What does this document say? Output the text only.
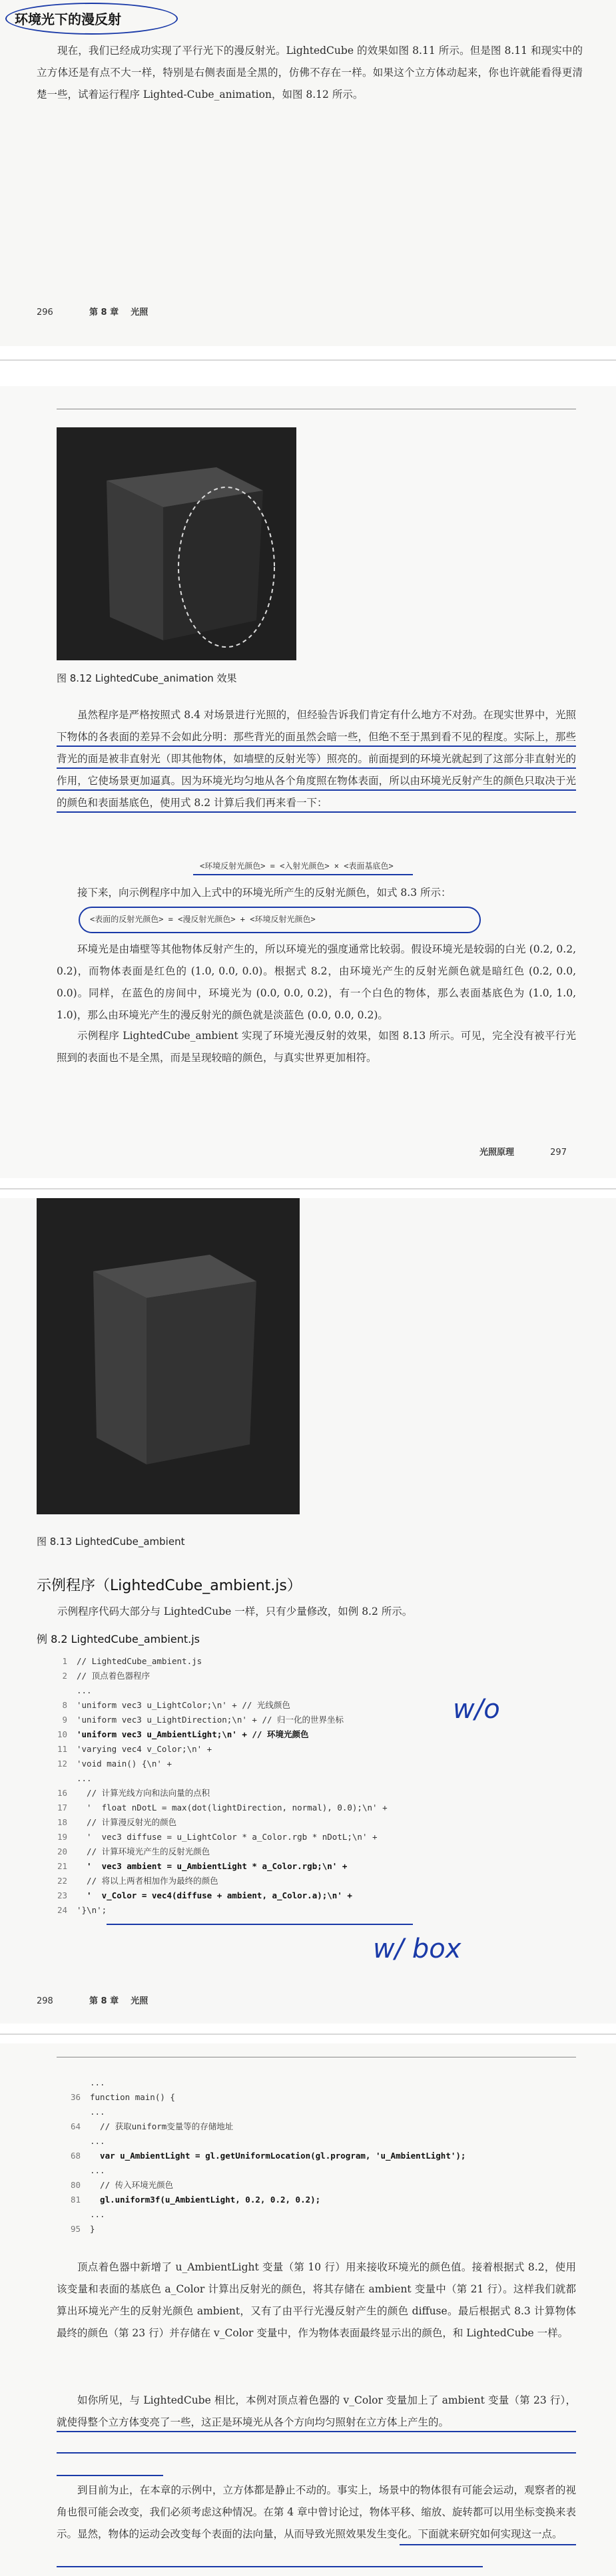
环境光下的漫反射
现在，我们已经成功实现了平行光下的漫反射光。LightedCube 的效果如图 8.11 所示。但是图 8.11 和现实中的立方体还是有点不大一样，特别是右侧表面是全黑的，仿佛不存在一样。如果这个立方体动起来，你也许就能看得更清楚一些，试着运行程序 Lighted-Cube_animation，如图 8.12 所示。
296	第 8 章 光照
图 8.12 LightedCube_animation 效果
虽然程序是严格按照式 8.4 对场景进行光照的，但经验告诉我们肯定有什么地方不对劲。在现实世界中，光照下物体的各表面的差异不会如此分明：那些背光的面虽然会暗一些，但绝不至于黑到看不见的程度。实际上，那些背光的面是被非直射光（即其他物体，如墙壁的反射光等）照亮的。前面提到的环境光就起到了这部分非直射光的作用，它使场景更加逼真。因为环境光均匀地从各个角度照在物体表面，所以由环境光反射产生的颜色只取决于光的颜色和表面基底色，使用式 8.2 计算后我们再来看一下：
<环境反射光颜色> = <入射光颜色> × <表面基底色>
接下来，向示例程序中加入上式中的环境光所产生的反射光颜色，如式 8.3 所示：
<表面的反射光颜色> = <漫反射光颜色> + <环境反射光颜色>
环境光是由墙壁等其他物体反射产生的，所以环境光的强度通常比较弱。假设环境光是较弱的白光 (0.2, 0.2, 0.2)，而物体表面是红色的 (1.0, 0.0, 0.0)。根据式 8.2，由环境光产生的反射光颜色就是暗红色 (0.2, 0.0, 0.0)。同样，在蓝色的房间中，环境光为 (0.0, 0.0, 0.2)，有一个白色的物体，那么表面基底色为 (1.0, 1.0, 1.0)，那么由环境光产生的漫反射光的颜色就是淡蓝色 (0.0, 0.0, 0.2)。
示例程序 LightedCube_ambient 实现了环境光漫反射的效果，如图 8.13 所示。可见，完全没有被平行光照到的表面也不是全黑，而是呈现较暗的颜色，与真实世界更加相符。
光照原理	297
图 8.13 LightedCube_ambient
示例程序（LightedCube_ambient.js）
示例程序代码大部分与 LightedCube 一样，只有少量修改，如例 8.2 所示。
例 8.2 LightedCube_ambient.js
1 // LightedCube_ambient.js
2 // 顶点着色器程序
...
8 'uniform vec3 u_LightColor;\n' + // 光线颜色
9 'uniform vec3 u_LightDirection;\n' + // 归一化的世界坐标
10 'uniform vec3 u_AmbientLight;\n' + // 环境光颜色
11 'varying vec4 v_Color;\n' +
12 'void main() {\n' +
...
16  // 计算光线方向和法向量的点积
17  '  float nDotL = max(dot(lightDirection, normal), 0.0);\n' +
18  // 计算漫反射光的颜色
19  '  vec3 diffuse = u_LightColor * a_Color.rgb * nDotL;\n' +
20  // 计算环境光产生的反射光颜色
21  '  vec3 ambient = u_AmbientLight * a_Color.rgb;\n' +
22  // 将以上两者相加作为最终的颜色
23  '  v_Color = vec4(diffuse + ambient, a_Color.a);\n' +
24 '}\n';
w/o
w/ box
298	第 8 章 光照
...
36 function main() {
...
64  // 获取uniform变量等的存储地址
...
68  var u_AmbientLight = gl.getUniformLocation(gl.program, 'u_AmbientLight');
...
80  // 传入环境光颜色
81  gl.uniform3f(u_AmbientLight, 0.2, 0.2, 0.2);
...
95 }
顶点着色器中新增了 u_AmbientLight 变量（第 10 行）用来接收环境光的颜色值。接着根据式 8.2，使用该变量和表面的基底色 a_Color 计算出反射光的颜色，将其存储在 ambient 变量中（第 21 行）。这样我们就都算出环境光产生的反射光颜色 ambient，又有了由平行光漫反射产生的颜色 diffuse。最后根据式 8.3 计算物体最终的颜色（第 23 行）并存储在 v_Color 变量中，作为物体表面最终显示出的颜色，和 LightedCube 一样。
如你所见，与 LightedCube 相比，本例对顶点着色器的 v_Color 变量加上了 ambient 变量（第 23 行），就使得整个立方体变亮了一些，这正是环境光从各个方向均匀照射在立方体上产生的。
到目前为止，在本章的示例中，立方体都是静止不动的。事实上，场景中的物体很有可能会运动，观察者的视角也很可能会改变，我们必须考虑这种情况。在第 4 章中曾讨论过，物体平移、缩放、旋转都可以用坐标变换来表示。显然，物体的运动会改变每个表面的法向量，从而导致光照效果发生变化。下面就来研究如何实现这一点。
